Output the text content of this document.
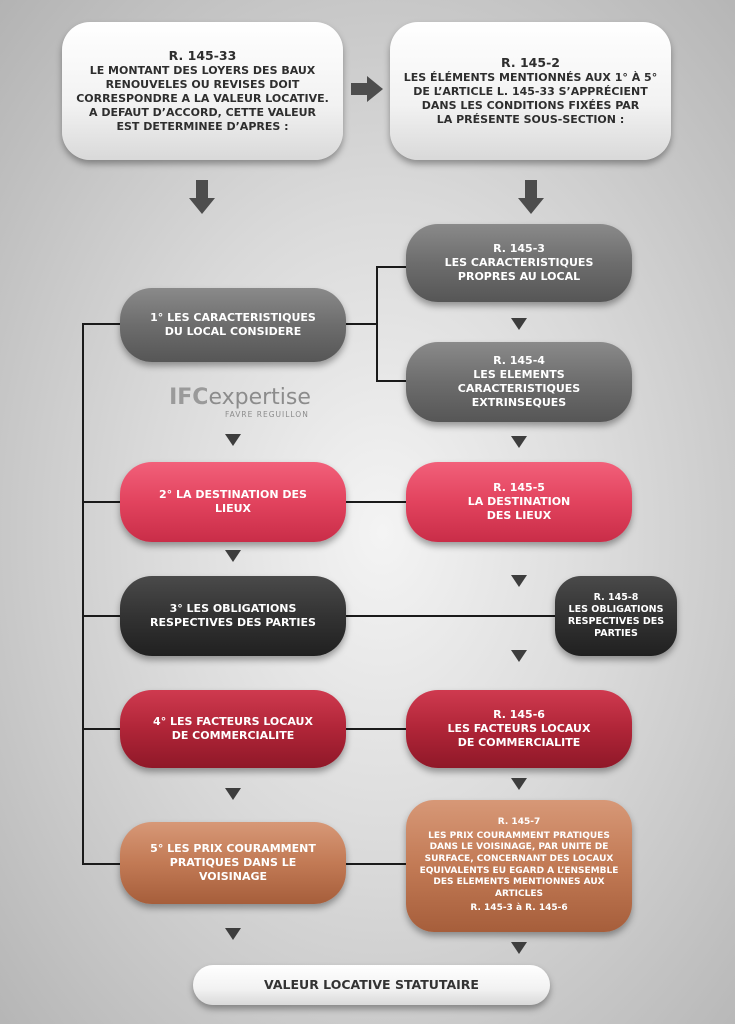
R. 145-33
LE MONTANT DES LOYERS DES BAUX
RENOUVELES OU REVISES DOIT
CORRESPONDRE A LA VALEUR LOCATIVE.
A DEFAUT D’ACCORD, CETTE VALEUR
EST DETERMINEE D’APRES :
R. 145-2
LES ÉLÉMENTS MENTIONNÉS AUX 1° À 5°
DE L’ARTICLE L. 145-33 S’APPRÉCIENT
DANS LES CONDITIONS FIXÉES PAR
LA PRÉSENTE SOUS-SECTION :
1° LES CARACTERISTIQUES
DU LOCAL CONSIDERE
2° LA DESTINATION DES
LIEUX
3° LES OBLIGATIONS
RESPECTIVES DES PARTIES
4° LES FACTEURS LOCAUX
DE COMMERCIALITE
5° LES PRIX COURAMMENT
PRATIQUES DANS LE
VOISINAGE
R. 145-3
LES CARACTERISTIQUES
PROPRES AU LOCAL
R. 145-4
LES ELEMENTS
CARACTERISTIQUES
EXTRINSEQUES
R. 145-5
LA DESTINATION
DES LIEUX
R. 145-8
LES OBLIGATIONS
RESPECTIVES DES
PARTIES
R. 145-6
LES FACTEURS LOCAUX
DE COMMERCIALITE
R. 145-7
LES PRIX COURAMMENT PRATIQUES
DANS LE VOISINAGE, PAR UNITE DE
SURFACE, CONCERNANT DES LOCAUX
EQUIVALENTS EU EGARD A L’ENSEMBLE
DES ELEMENTS MENTIONNES AUX
ARTICLES
R. 145-3 à R. 145-6
VALEUR LOCATIVE STATUTAIRE
IFCexpertise
FAVRE REGUILLON
